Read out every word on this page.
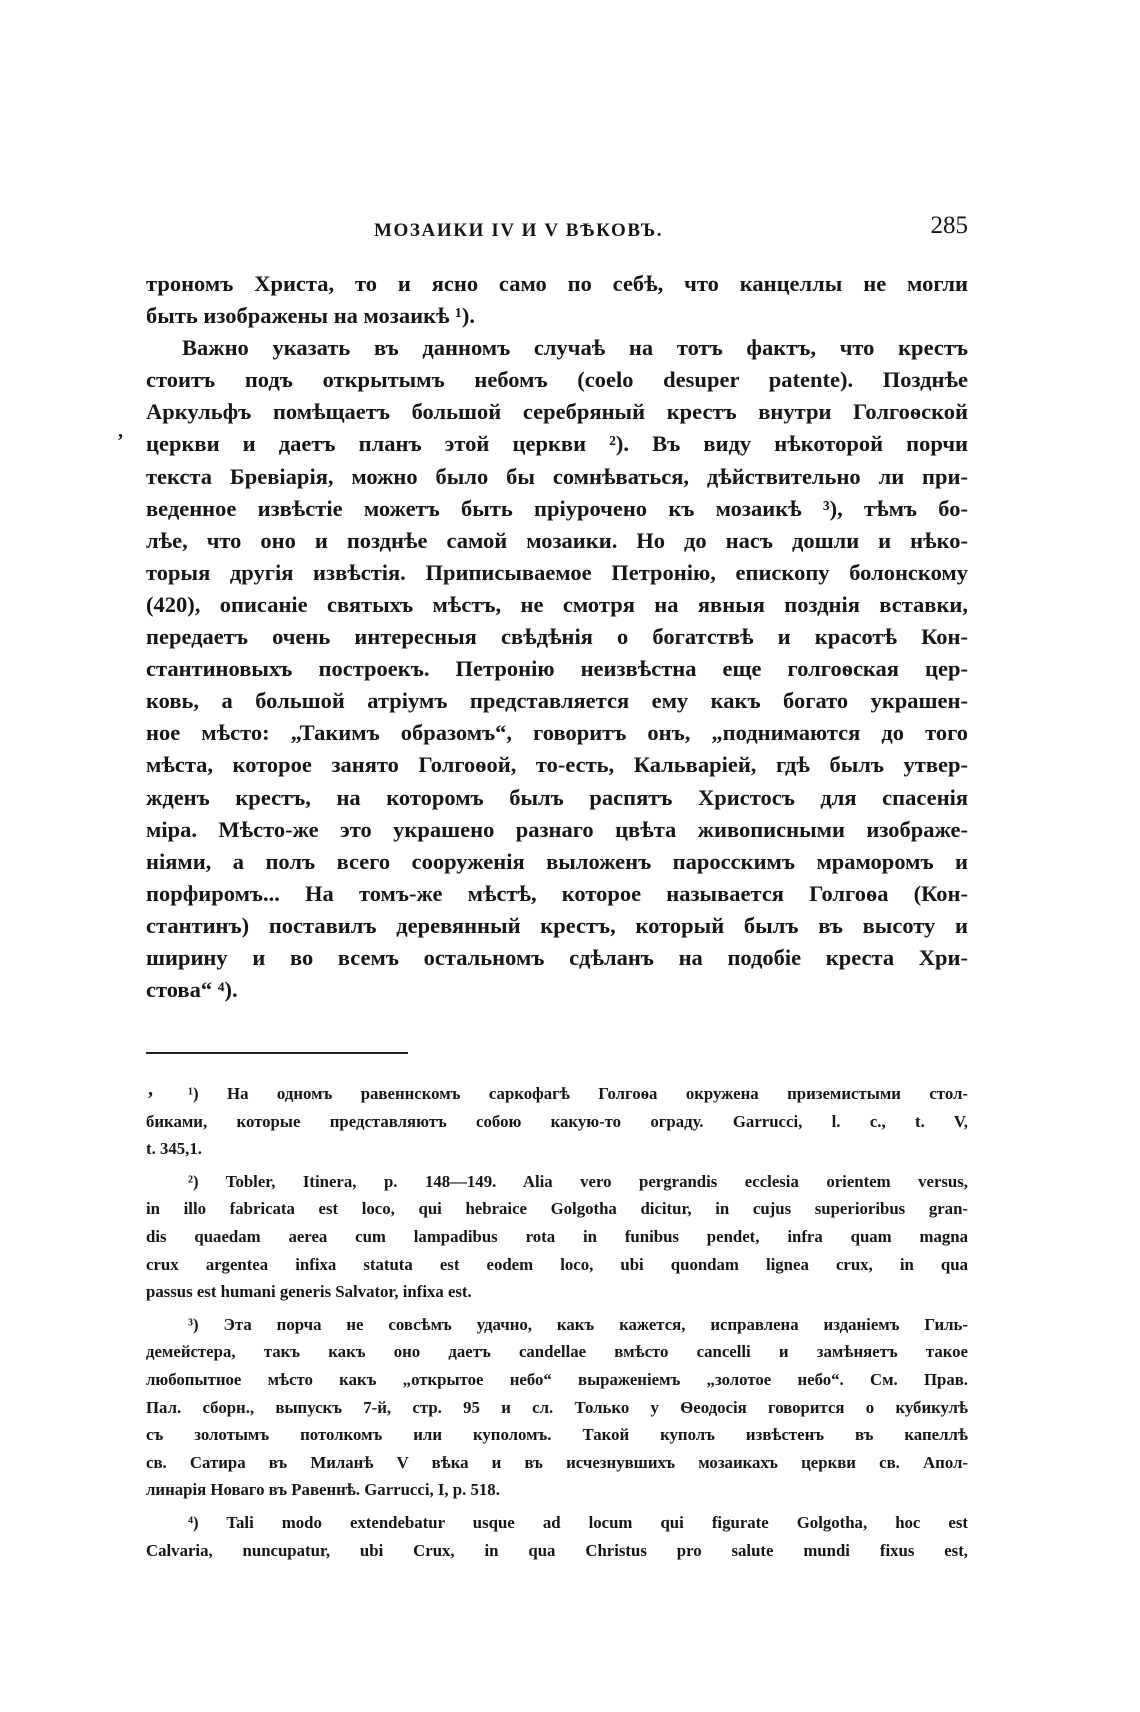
МОЗАИКИ IV И V ВѢКОВЪ.	285
,
,
трономъ Христа, то и ясно само по себѣ, что канцеллы не могли
быть изображены на мозаикѣ ¹).
Важно указать въ данномъ случаѣ на тотъ фактъ, что крестъ
стоитъ подъ открытымъ небомъ (coelo desuper patente). Позднѣе
Аркульфъ помѣщаетъ большой серебряный крестъ внутри Голгоѳской
церкви и даетъ планъ этой церкви ²). Въ виду нѣкоторой порчи
текста Бревіарія, можно было бы сомнѣваться, дѣйствительно ли при-
веденное извѣстіе можетъ быть пріурочено къ мозаикѣ ³), тѣмъ бо-
лѣе, что оно и позднѣе самой мозаики. Но до насъ дошли и нѣко-
торыя другія извѣстія. Приписываемое Петронію, епископу болонскому
(420), описаніе святыхъ мѣстъ, не смотря на явныя позднія вставки,
передаетъ очень интересныя свѣдѣнія о богатствѣ и красотѣ Кон-
стантиновыхъ построекъ. Петронію неизвѣстна еще голгоѳская цер-
ковь, а большой атріумъ представляется ему какъ богато украшен-
ное мѣсто: „Такимъ образомъ“, говоритъ онъ, „поднимаются до того
мѣста, которое занято Голгоѳой, то-есть, Кальваріей, гдѣ былъ утвер-
жденъ крестъ, на которомъ былъ распятъ Христосъ для спасенія
міра. Мѣсто-же это украшено разнаго цвѣта живописными изображе-
ніями, а полъ всего сооруженія выложенъ паросскимъ мраморомъ и
порфиромъ... На томъ-же мѣстѣ, которое называется Голгоѳа (Кон-
стантинъ) поставилъ деревянный крестъ, который былъ въ высоту и
ширину и во всемъ остальномъ сдѣланъ на подобіе креста Хри-
стова“ ⁴).
¹) На одномъ равеннскомъ саркофагѣ Голгоѳа окружена приземистыми стол-
биками, которые представляютъ собою какую-то ограду. Garrucci, l. c., t. V,
t. 345,1.
²) Tobler, Itinera, p. 148—149. Alia vero pergrandis ecclesia orientem versus,
in illo fabricata est loco, qui hebraice Golgotha dicitur, in cujus superioribus gran-
dis quaedam aerea cum lampadibus rota in funibus pendet, infra quam magna
crux argentea infixa statuta est eodem loco, ubi quondam lignea crux, in qua
passus est humani generis Salvator, infixa est.
³) Эта порча не совсѣмъ удачно, какъ кажется, исправлена изданіемъ Гиль-
демейстера, такъ какъ оно даетъ candellae вмѣсто cancelli и замѣняетъ такое
любопытное мѣсто какъ „открытое небо“ выраженіемъ „золотое небо“. См. Прав.
Пал. сборн., выпускъ 7-й, стр. 95 и сл. Только у Ѳеодосія говорится о кубикулѣ
съ золотымъ потолкомъ или куполомъ. Такой куполъ извѣстенъ въ капеллѣ
св. Сатира въ Миланѣ V вѣка и въ исчезнувшихъ мозаикахъ церкви св. Апол-
линарія Новаго въ Равеннѣ. Garrucci, I, p. 518.
⁴) Tali modo extendebatur usque ad locum qui figurate Golgotha, hoc est
Calvaria, nuncupatur, ubi Crux, in qua Christus pro salute mundi fixus est,
